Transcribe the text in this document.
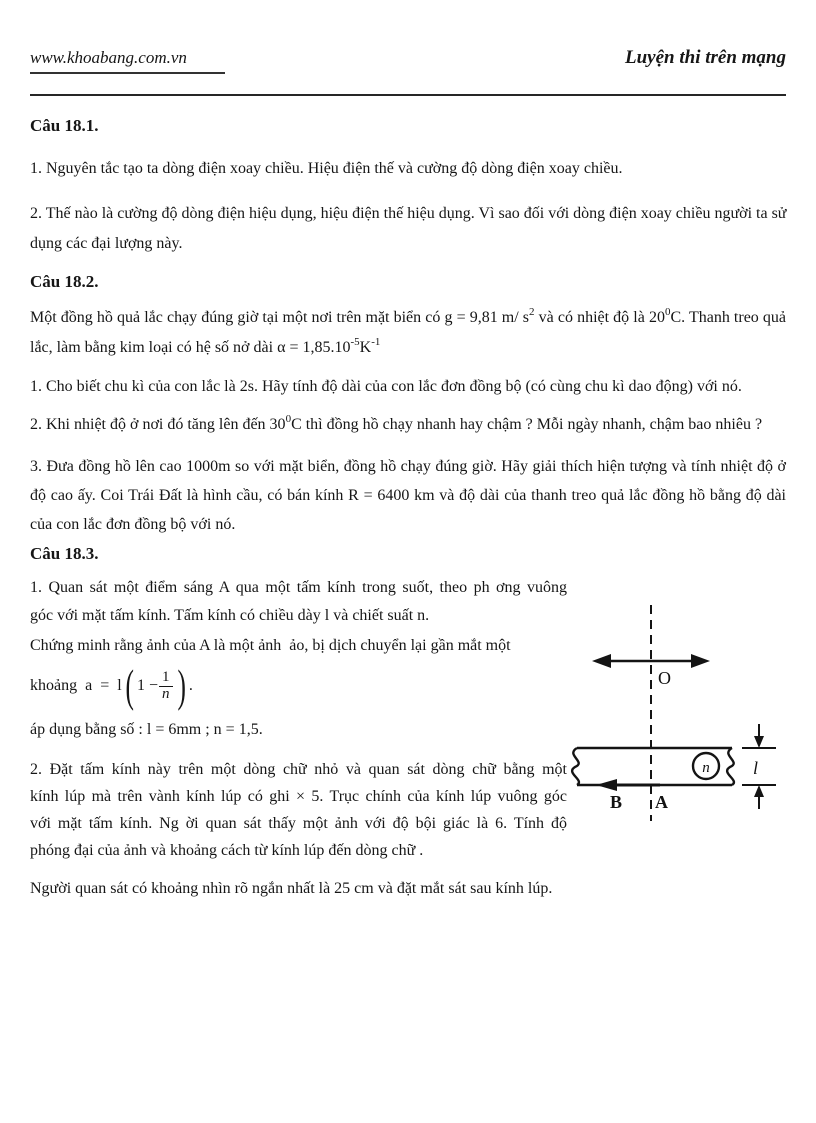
www.khoabang.com.vn	Luyện thi trên mạng
Câu 18.1.
1. Nguyên tắc tạo ta dòng điện xoay chiều. Hiệu điện thế và cường độ dòng điện xoay chiều.
2. Thế nào là cường độ dòng điện hiệu dụng, hiệu điện thế hiệu dụng. Vì sao đối với dòng điện xoay chiều người ta sử
dụng các đại lượng này.
Câu 18.2.
Một đồng hồ quả lắc chạy đúng giờ tại một nơi trên mặt biển có g = 9,81 m/ $s^2$ và có nhiệt độ là $20^0C$. Thanh treo quả
lắc, làm bằng kim loại có hệ số nở dài $\alpha = 1,85.10^{-5}K^{-1}$
1. Cho biết chu kì của con lắc là 2s. Hãy tính độ dài của con lắc đơn đồng bộ (có cùng chu kì dao động) với nó.
2. Khi nhiệt độ ở nơi đó tăng lên đến $30^0C$ thì đồng hồ chạy nhanh hay chậm ? Mỗi ngày nhanh, chậm bao nhiêu ?
3. Đưa đồng hồ lên cao 1000m so với mặt biển, đồng hồ chạy đúng giờ. Hãy giải thích hiện tượng và tính nhiệt độ ở
độ cao ấy. Coi Trái Đất là hình cầu, có bán kính R = 6400 km và độ dài của thanh treo quả lắc đồng hồ bằng độ dài
của con lắc đơn đồng bộ với nó.
Câu 18.3.
1. Quan sát một điểm sáng A qua một tấm kính trong suốt, theo ph ơng vuông
góc với mặt tấm kính. Tấm kính có chiều dày l và chiết suất n.
Chứng minh rằng ảnh của A là một ảnh  ảo, bị dịch chuyển lại gần mắt một
khoảng  a  =  l ( $1 - \frac{1}{n}$ ) .
áp dụng bằng số : l = 6mm ; n = 1,5.
2. Đặt tấm kính này trên một dòng chữ nhỏ và quan sát dòng chữ bằng một
kính lúp mà trên vành kính lúp có ghi × 5. Trục chính của kính lúp vuông góc
với mặt tấm kính. Ng ời quan sát thấy một ảnh với độ bội giác là 6. Tính độ
phóng đại của ảnh và khoảng cách từ kính lúp đến dòng chữ .
Người quan sát có khoảng nhìn rõ ngắn nhất là 25 cm và đặt mắt sát sau kính lúp.
O
n
B A
l
